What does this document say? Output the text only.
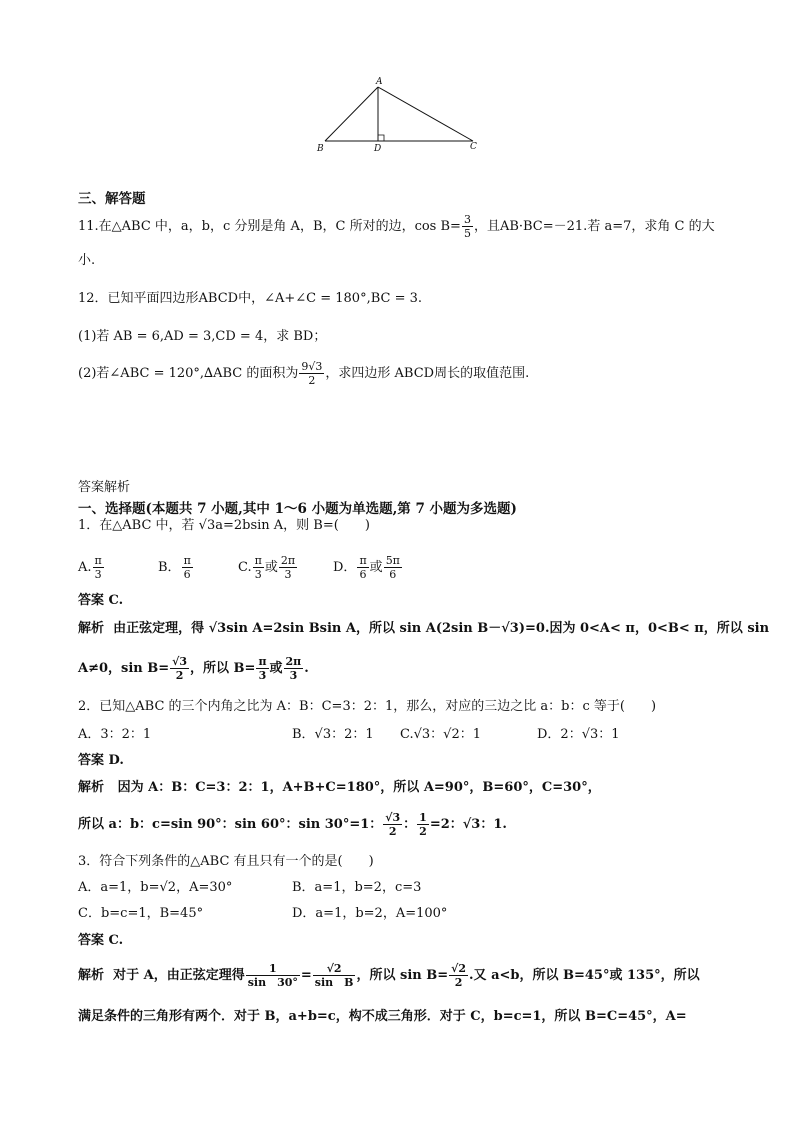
A
B	D	C
三、解答题
11.在△ABC 中，a，b，c 分别是角 A，B，C 所对的边，$\cos B= \frac{3}{5}$ ，且AB·BC=－21.若 a=7，求角 C 的大
小.
12．已知平面四边形ABCD中，∠A+∠C = 180°,BC = 3.
(1)若 AB = 6,AD = 3,CD = 4，求 BD；
(2)若∠ABC = 120°,∆ABC 的面积为 $\frac{9√3}{2}$ ，求四边形 ABCD周长的取值范围.
答案解析
一、选择题(本题共 7 小题,其中 1～6 小题为单选题,第 7 小题为多选题)
1．在△ABC 中，若 √3a=2bsin A，则 B=(　　)
A. $\frac{\pi}{3}$	B． $\frac{\pi}{6}$	C. $\frac{\pi}{3}$ 或 $\frac{2\pi}{3}$	D． $\frac{\pi}{6}$ 或 $\frac{5\pi}{6}$
答案 C.
解析 由正弦定理，得 √3sin A=2sin Bsin A，所以 sin A(2sin B－√3)=0.因为 0<A< π，0<B< π，所以 sin
A≠0，$\sin B= \frac{√3}{2}$ ，所以 $B= \frac{\pi}{3}$ 或 $\frac{2\pi}{3}$ .
2．已知△ABC 的三个内角之比为 A：B：C=3：2：1，那么，对应的三边之比 a：b：c 等于(　　)
A．3：2：1	B．√3：2：1 C.√3：√2：1	D．2：√3：1
答案 D.
解析 因为 A：B：C=3：2：1，A+B+C=180°，所以 A=90°，B=60°，C=30°，
所以 a：b：c=sin 90°：sin 60°：sin 30°=1： $\frac{√3}{2}$ ： $\frac{1}{2} =2$：√3：1.
3．符合下列条件的△ABC 有且只有一个的是(　　)
A．a=1，b=√2，A=30°	B．a=1，b=2，c=3
C．b=c=1，B=45°	D．a=1，b=2，A=100°
答案 C.
解析 对于 A，由正弦定理得 $\frac{1}{\sin 30^\circ} = \frac{√2}{\text{sin　B}}$ ，所以 $\sin B= \frac{√2}{2}$ .又 a<b，所以 B=45°或 135°，所以
满足条件的三角形有两个．对于 B，a+b=c，构不成三角形．对于 C，b=c=1，所以 B=C=45°，A=
